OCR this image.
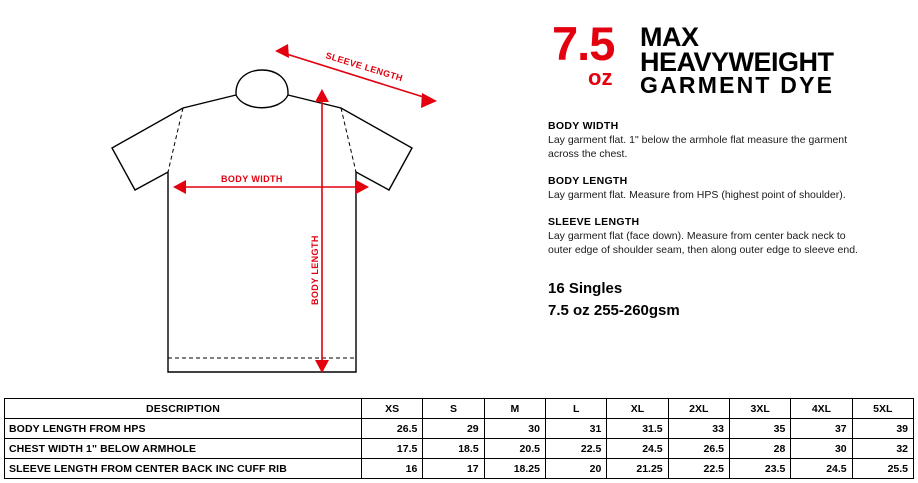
SLEEVE LENGTH
BODY WIDTH
BODY LENGTH
7.5
oz
MAX
HEAVYWEIGHT
GARMENT DYE
BODY WIDTH
Lay garment flat. 1" below the armhole flat measure the garment across the chest.
BODY LENGTH
Lay garment flat. Measure from HPS (highest point of shoulder).
SLEEVE LENGTH
Lay garment flat (face down). Measure from center back neck to outer edge of shoulder seam, then along outer edge to sleeve end.
16 Singles
7.5 oz 255-260gsm
DESCRIPTION	XS	S	M	L	XL	2XL	3XL	4XL	5XL
BODY LENGTH FROM HPS	26.5	29	30	31	31.5	33	35	37	39
CHEST WIDTH 1" BELOW ARMHOLE	17.5	18.5	20.5	22.5	24.5	26.5	28	30	32
SLEEVE LENGTH FROM CENTER BACK INC CUFF RIB	16	17	18.25	20	21.25	22.5	23.5	24.5	25.5
